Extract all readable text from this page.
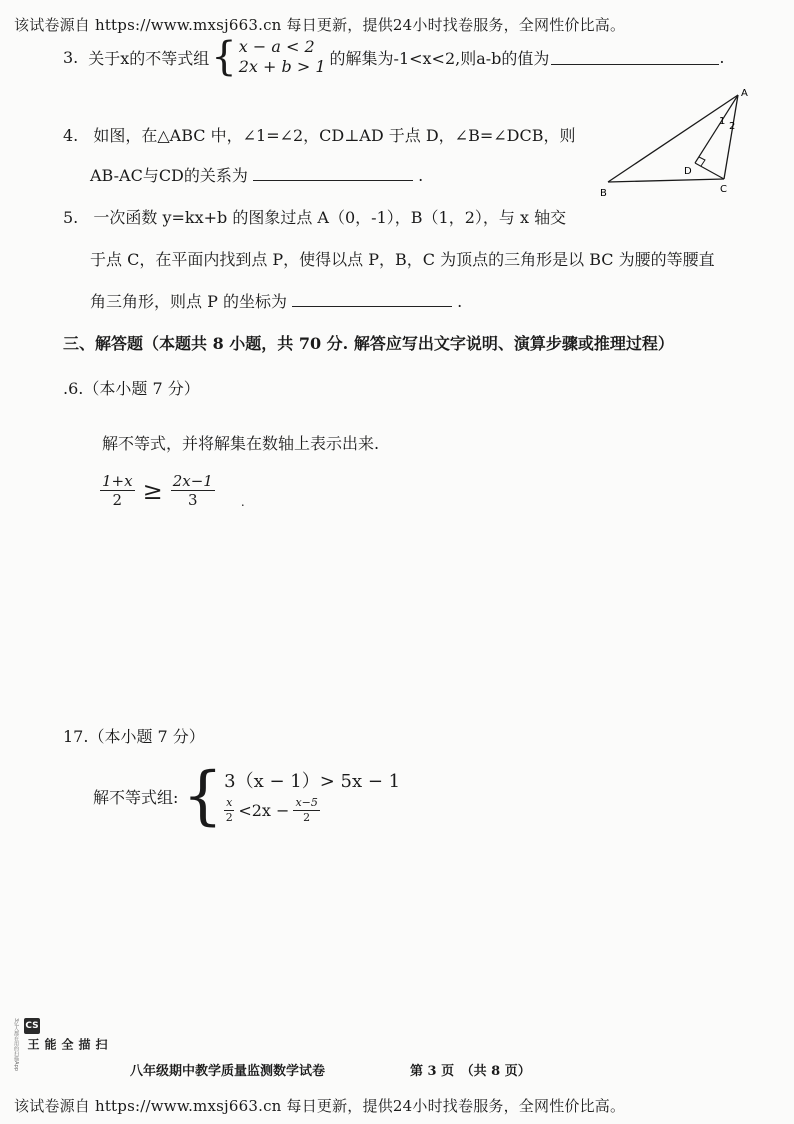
该试卷源自 https://www.mxsj663.cn 每日更新，提供24小时找卷服务，全网性价比高。
3. 关于x的不等式组 { x − a < 2
2x + b > 1 的解集为-1<x<2,则a-b的值为	.
4. 如图，在△ABC 中，∠1=∠2，CD⊥AD 于点 D，∠B=∠DCB，则
AB-AC与CD的关系为	.
A
B	C
D
1 2
5. 一次函数 y=kx+b 的图象过点 A（0，-1），B（1，2），与 x 轴交
于点 C，在平面内找到点 P，使得以点 P，B，C 为顶点的三角形是以 BC 为腰的等腰直
角三角形，则点 P 的坐标为	.
三、解答题（本题共 8 小题，共 70 分. 解答应写出文字说明、演算步骤或推理过程）
.6.（本小题 7 分）
解不等式，并将解集在数轴上表示出来.
$\frac{1+x}{2} \ge \frac{2x-1}{3}$ .
17.（本小题 7 分）
解不等式组: { 3（x − 1）> 5x − 1
$\frac{x}{2} <2x - \frac{x-5}{2}$
CS
扫描全能王
3亿人都在用的扫描App
八年级期中教学质量监测数学试卷	第 3 页　（共 8 页）
该试卷源自 https://www.mxsj663.cn 每日更新，提供24小时找卷服务，全网性价比高。
